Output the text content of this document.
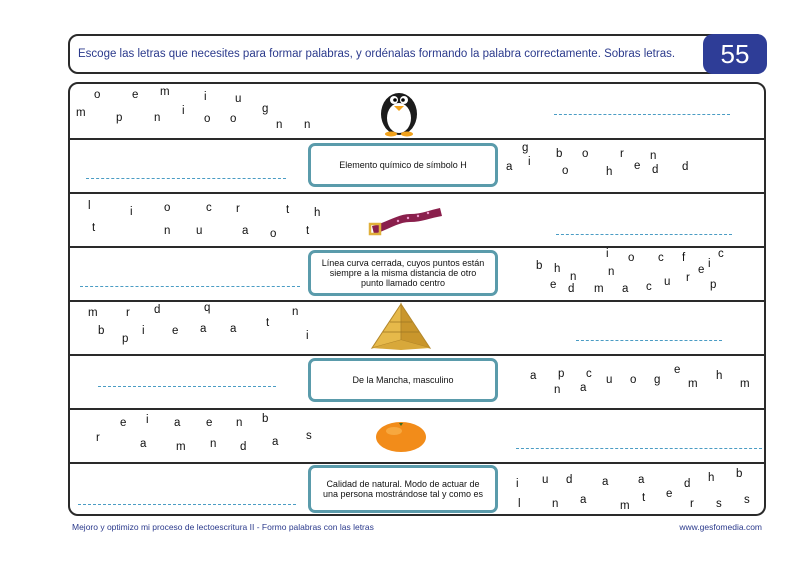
Escoge las letras que necesites para formar palabras, y ordénalas formando la palabra correctamente. Sobras letras.	55
o	e m	i u
m	p	n
i
o o
g
n n
Elemento químico de símbolo H
g b o	r n
a i
o	h e d d
l	i	o	c r	t h
t	n u	a o	t
Línea curva cerrada, cuyos puntos están siempre a la misma distancia de otro punto llamado centro
i
b h
o c f	c
i
n	n	e
e d m a c u r
p
m r d	q	n
b
p
i e a a	t
i
De la Mancha, masculino	a p c
n a
u o g
e
m
h
m
e i a e n b
r	a	m n d a s
Calidad de natural. Modo de actuar de una persona mostrándose tal y como es
i u d	a	a	d h b
l	n a	m
t e
r s s
Mejoro y optimizo mi proceso de lectoescritura II - Formo palabras con las letras	www.gesfomedia.com
